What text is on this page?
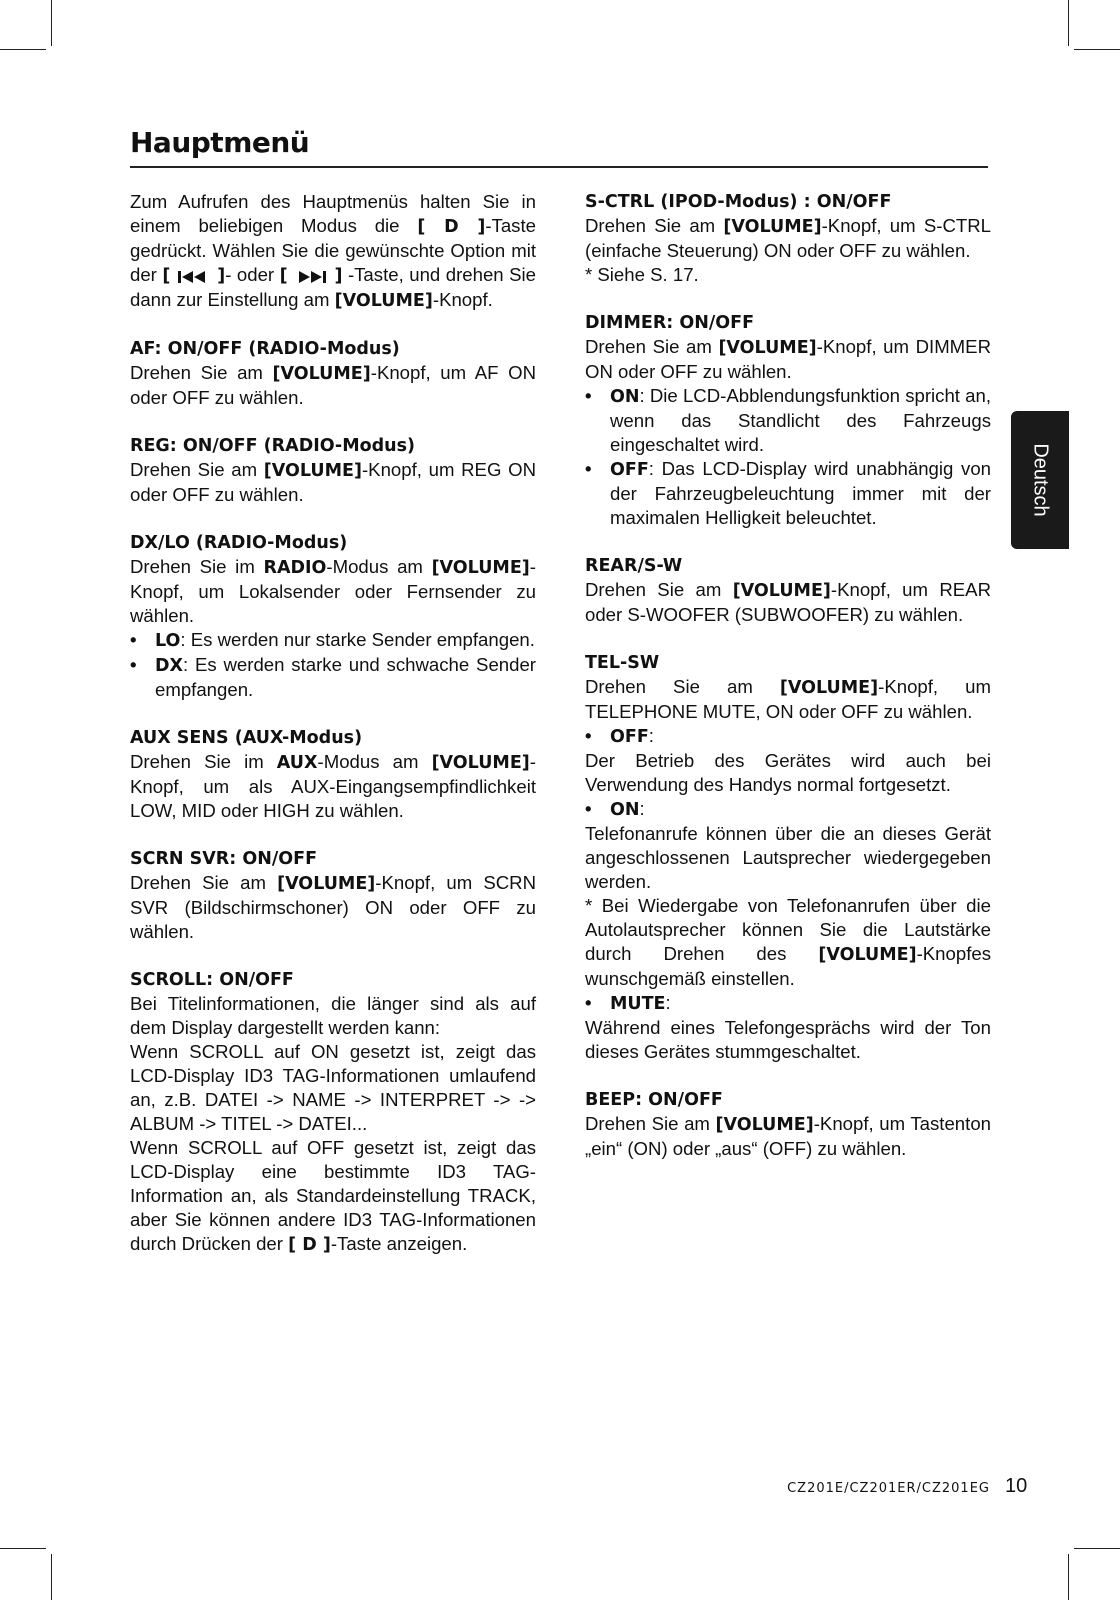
Hauptmenü
Deutsch

Zum Aufrufen des Hauptmenüs halten Sie in einem beliebigen Modus die [ D ]-Taste gedrückt. Wählen Sie die gewünschte Option mit der [  ]- oder [  ] -Taste, und drehen Sie dann zur Einstellung am [VOLUME]-Knopf.

AF: ON/OFF (RADIO-Modus)

Drehen Sie am [VOLUME]-Knopf, um AF ON oder OFF zu wählen.

REG: ON/OFF (RADIO-Modus)

Drehen Sie am [VOLUME]-Knopf, um REG ON oder OFF zu wählen.

DX/LO (RADIO-Modus)

Drehen Sie im RADIO-Modus am [VOLUME]-Knopf, um Lokalsender oder Fernsender zu wählen.

• LO: Es werden nur starke Sender empfangen.
• DX: Es werden starke und schwache Sender empfangen.
AUX SENS (AUX-Modus)

Drehen Sie im AUX-Modus am [VOLUME]-Knopf, um als AUX-Eingangsempfindlichkeit LOW, MID oder HIGH zu wählen.

SCRN SVR: ON/OFF

Drehen Sie am [VOLUME]-Knopf, um SCRN SVR (Bildschirmschoner) ON oder OFF zu wählen.

SCROLL: ON/OFF

Bei Titelinformationen, die länger sind als auf dem Display dargestellt werden kann:

Wenn SCROLL auf ON gesetzt ist, zeigt das LCD-Display ID3 TAG-Informationen umlaufend an, z.B. DATEI -> NAME -> INTERPRET -> -> ALBUM -> TITEL -> DATEI...

Wenn SCROLL auf OFF gesetzt ist, zeigt das LCD-Display eine bestimmte ID3 TAG-Information an, als Standardeinstellung TRACK, aber Sie können andere ID3 TAG-Informationen durch Drücken der [ D ]-Taste anzeigen.

S-CTRL (IPOD-Modus) : ON/OFF

Drehen Sie am [VOLUME]-Knopf, um S-CTRL (einfache Steuerung) ON oder OFF zu wählen.

* Siehe S. 17.

DIMMER: ON/OFF

Drehen Sie am [VOLUME]-Knopf, um DIMMER ON oder OFF zu wählen.

• ON: Die LCD-Abblendungsfunktion spricht an, wenn das Standlicht des Fahrzeugs eingeschaltet wird.
• OFF: Das LCD-Display wird unabhängig von der Fahrzeugbeleuchtung immer mit der maximalen Helligkeit beleuchtet.
REAR/S-W

Drehen Sie am [VOLUME]-Knopf, um REAR oder S-WOOFER (SUBWOOFER) zu wählen.

TEL-SW

Drehen Sie am [VOLUME]-Knopf, um TELEPHONE MUTE, ON oder OFF zu wählen.

• OFF:

Der Betrieb des Gerätes wird auch bei Verwendung des Handys normal fortgesetzt.

• ON:

Telefonanrufe können über die an dieses Gerät angeschlossenen Lautsprecher wiedergegeben werden.

* Bei Wiedergabe von Telefonanrufen über die Autolautsprecher können Sie die Lautstärke durch Drehen des [VOLUME]-Knopfes wunschgemäß einstellen.

• MUTE:

Während eines Telefongesprächs wird der Ton dieses Gerätes stummgeschaltet.

BEEP: ON/OFF

Drehen Sie am [VOLUME]-Knopf, um Tastenton „ein“ (ON) oder „aus“ (OFF) zu wählen.

CZ201E/CZ201ER/CZ201EG 10
